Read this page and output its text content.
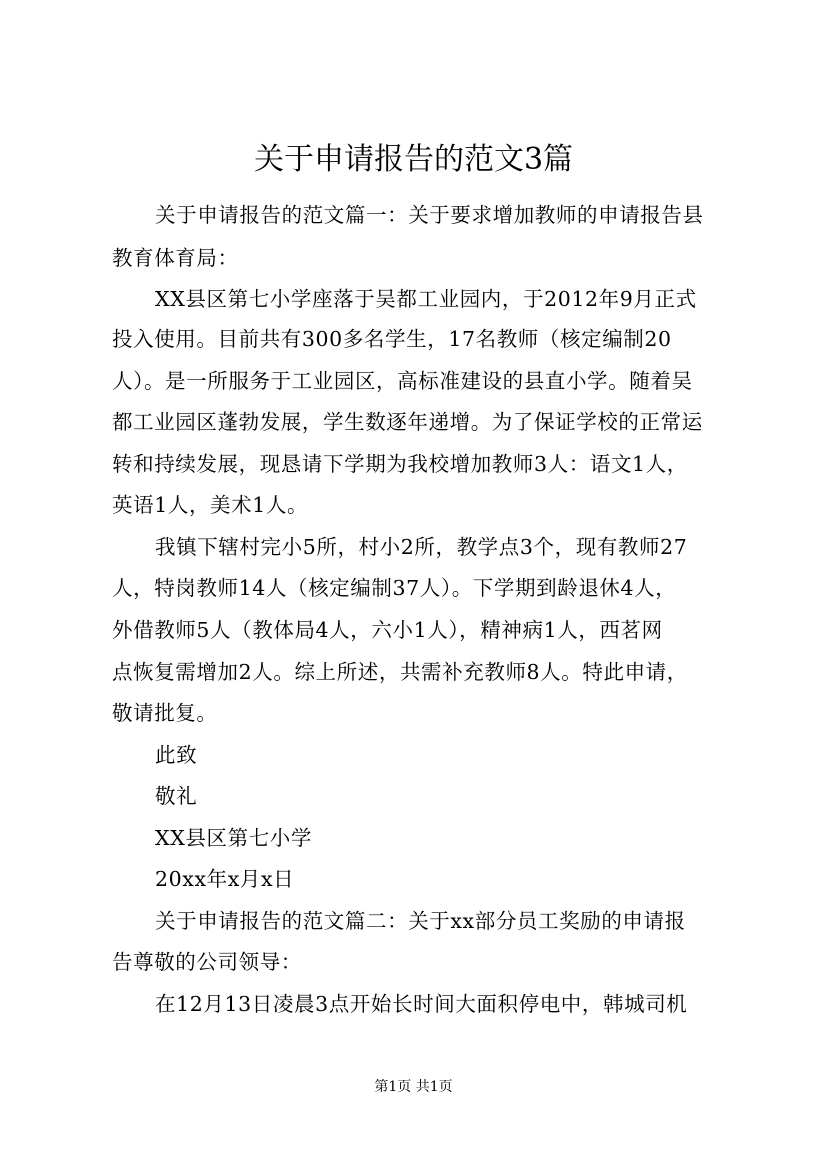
关于申请报告的范文3篇

关于申请报告的范文篇一：关于要求增加教师的申请报告县

教育体育局：

XX县区第七小学座落于吴都工业园内，于2012年9月正式

投入使用。目前共有300多名学生，17名教师（核定编制20

人）。是一所服务于工业园区，高标准建设的县直小学。随着吴

都工业园区蓬勃发展，学生数逐年递增。为了保证学校的正常运

转和持续发展，现恳请下学期为我校增加教师3人：语文1人，

英语1人，美术1人。

我镇下辖村完小5所，村小2所，教学点3个，现有教师27

人，特岗教师14人（核定编制37人）。下学期到龄退休4人，

外借教师5人（教体局4人，六小1人），精神病1人，西茗网

点恢复需增加2人。综上所述，共需补充教师8人。特此申请，

敬请批复。

此致

敬礼

XX县区第七小学

20xx年x月x日

关于申请报告的范文篇二：关于xx部分员工奖励的申请报

告尊敬的公司领导：

在12月13日凌晨3点开始长时间大面积停电中，韩城司机

第1页 共1页
